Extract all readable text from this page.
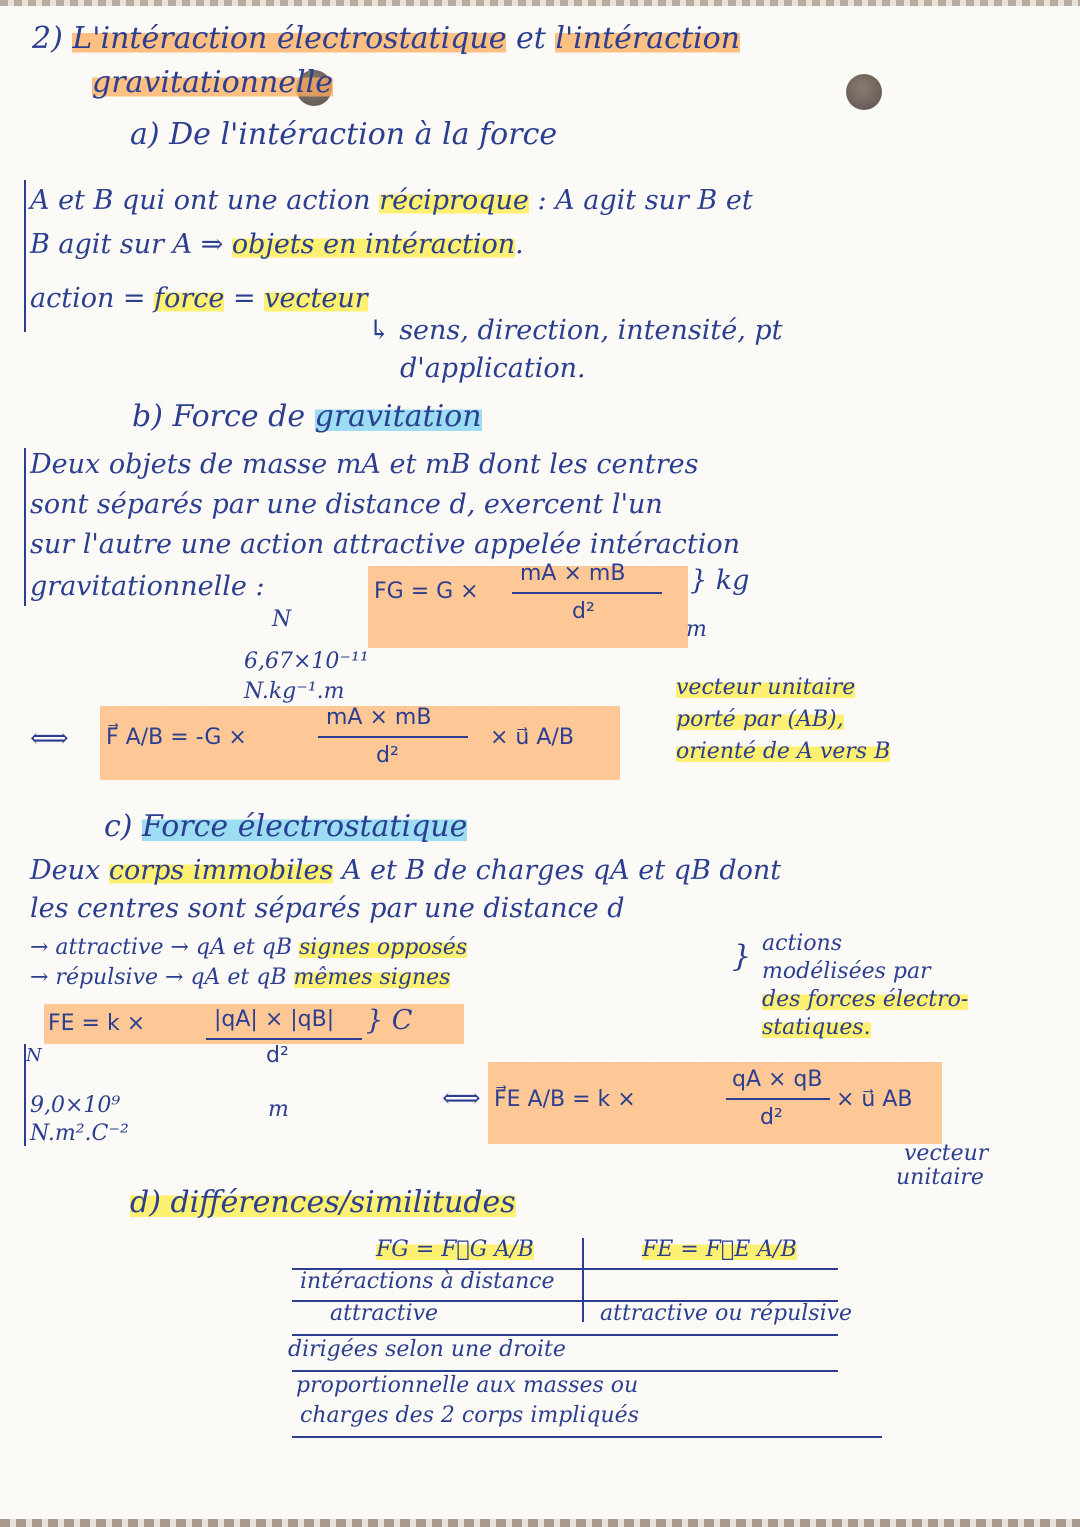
2) L'intéraction électrostatique et l'intéraction
gravitationnelle
a) De l'intéraction à la force
A et B qui ont une action réciproque : A agit sur B et
B agit sur A ⇒ objets en intéraction.
action = force = vecteur
↳ sens, direction, intensité, pt
d'application.
b) Force de gravitation
Deux objets de masse mA et mB dont les centres
sont séparés par une distance d, exercent l'un
sur l'autre une action attractive appelée intéraction
gravitationnelle :	FG = G ×
mA × mB
d²
} kg
N	m
6,67×10⁻¹¹
N.kg⁻¹.m
⟺ F⃗ A/B = -G ×
mA × mB
d²
× u⃗ A/B
vecteur unitaire
porté par (AB),
orienté de A vers B
c) Force électrostatique
Deux corps immobiles A et B de charges qA et qB dont
les centres sont séparés par une distance d
→ attractive → qA et qB signes opposés
→ répulsive → qA et qB mêmes signes
} actions
modélisées par
des forces électro-
statiques.
FE = k ×	|qA| × |qB|
d²
} C
N
m
9,0×10⁹
N.m².C⁻²
⟺ F⃗E A/B = k ×
qA × qB
d²
× u⃗ AB
vecteur
unitaire
d) différences/similitudes
FG = F⃗G A/B	FE = F⃗E A/B
intéractions à distance
attractive	attractive ou répulsive
dirigées selon une droite
proportionnelle aux masses ou
charges des 2 corps impliqués
